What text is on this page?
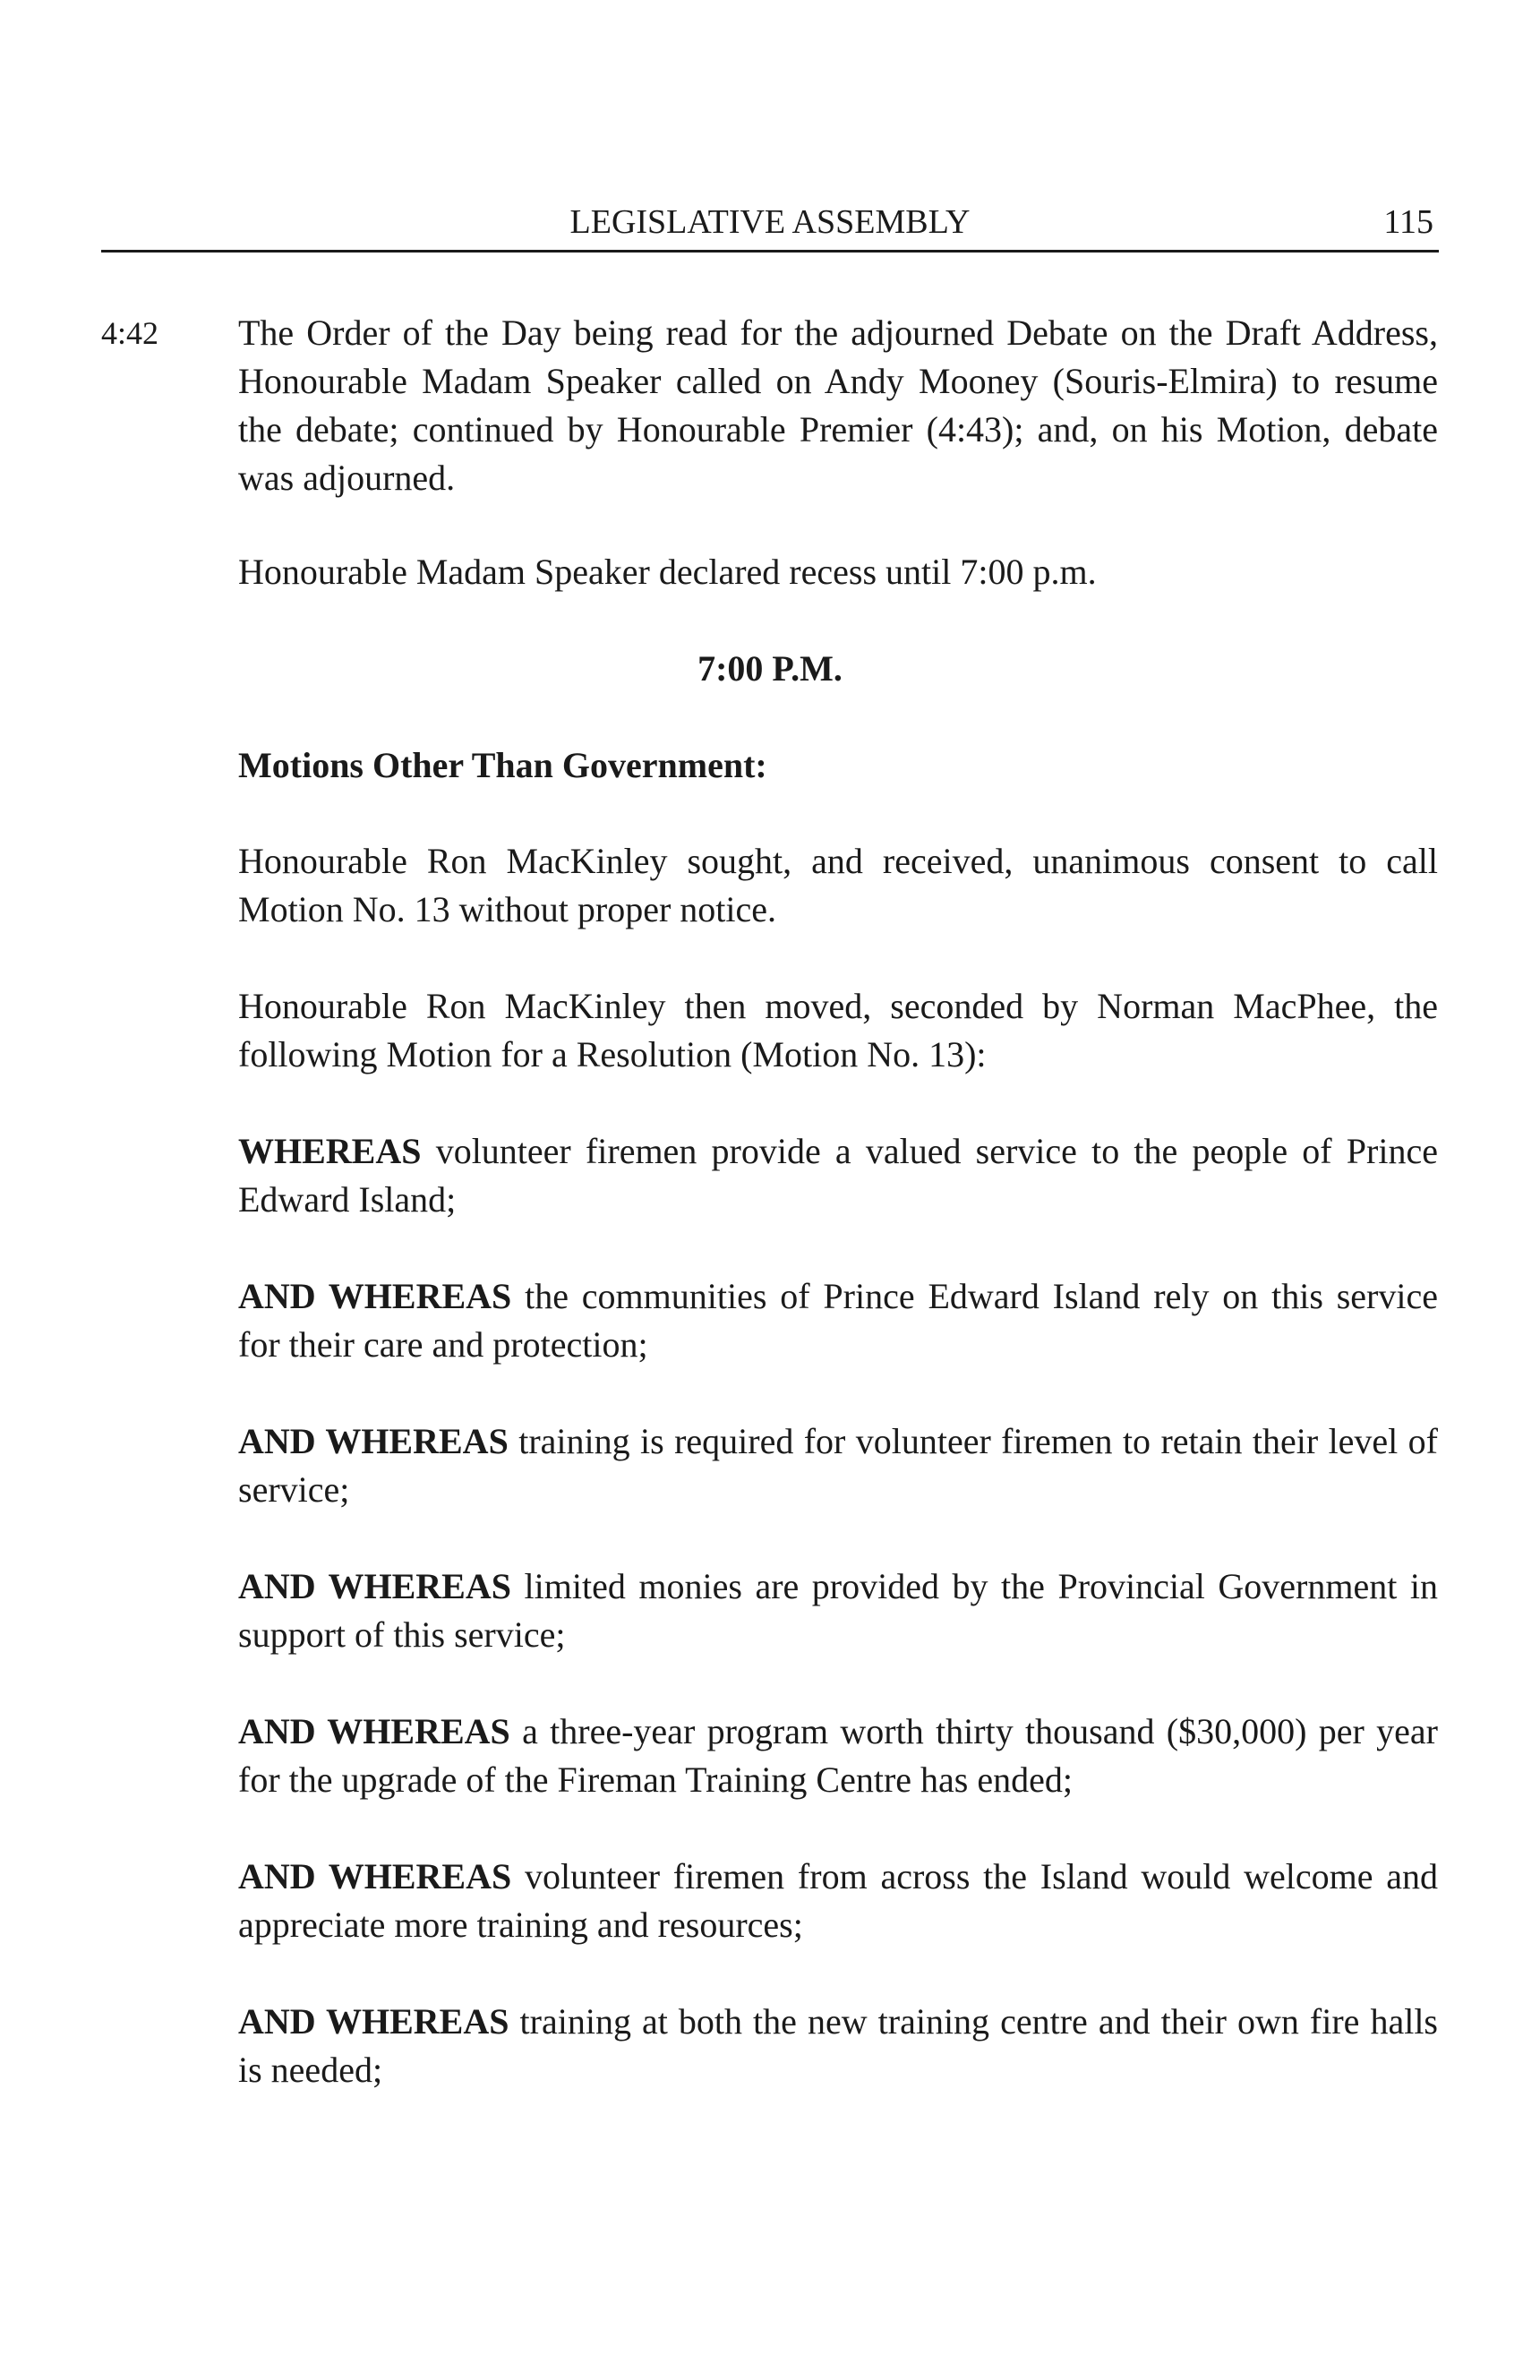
LEGISLATIVE ASSEMBLY	115
4:42 The Order of the Day being read for the adjourned Debate on the Draft Address, Honourable Madam Speaker called on Andy Mooney (Souris-Elmira) to resume the debate; continued by Honourable Premier (4:43); and, on his Motion, debate was adjourned.

Honourable Madam Speaker declared recess until 7:00 p.m.

7:00 P.M.

Motions Other Than Government:

Honourable Ron MacKinley sought, and received, unanimous consent to call Motion No. 13 without proper notice.

Honourable Ron MacKinley then moved, seconded by Norman MacPhee, the following Motion for a Resolution (Motion No. 13):

WHEREAS volunteer firemen provide a valued service to the people of Prince Edward Island;

AND WHEREAS the communities of Prince Edward Island rely on this service for their care and protection;

AND WHEREAS training is required for volunteer firemen to retain their level of service;

AND WHEREAS limited monies are provided by the Provincial Government in support of this service;

AND WHEREAS a three-year program worth thirty thousand ($30,000) per year for the upgrade of the Fireman Training Centre has ended;

AND WHEREAS volunteer firemen from across the Island would welcome and appreciate more training and resources;

AND WHEREAS training at both the new training centre and their own fire halls is needed;
